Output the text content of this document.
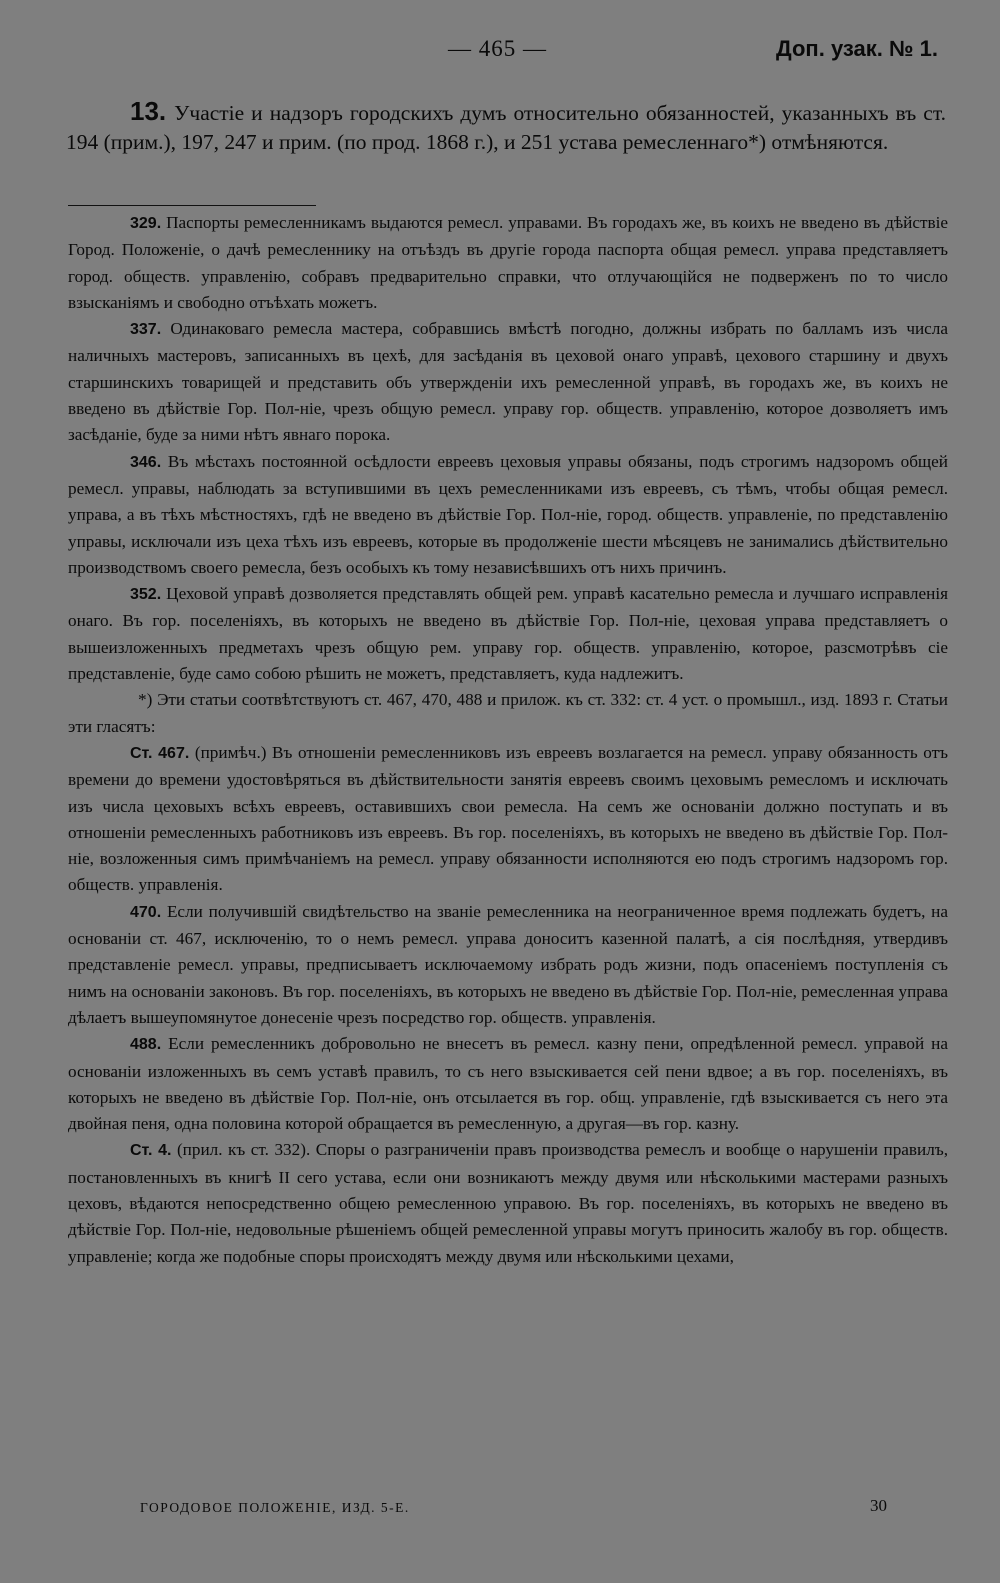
— 465 —	Доп. узак. № 1.
13. Участіе и надзоръ городскихъ думъ относительно обязанностей, указанныхъ въ ст. 194 (прим.), 197, 247 и прим. (по прод. 1868 г.), и 251 устава ремесленнаго*) отмѣняются.

329. Паспорты ремесленникамъ выдаются ремесл. управами. Въ городахъ же, въ коихъ не введено въ дѣйствіе Город. Положеніе, о дачѣ ремесленнику на отъѣздъ въ другіе города паспорта общая ремесл. управа представляетъ город. обществ. управленію, собравъ предварительно справки, что отлучающійся не подверженъ по то число взысканіямъ и свободно отъѣхать можетъ.

337. Одинаковаго ремесла мастера, собравшись вмѣстѣ погодно, должны избрать по балламъ изъ числа наличныхъ мастеровъ, записанныхъ въ цехѣ, для засѣданія въ цеховой онаго управѣ, цехового старшину и двухъ старшинскихъ товарищей и представить объ утвержденіи ихъ ремесленной управѣ, въ городахъ же, въ коихъ не введено въ дѣйствіе Гор. Пол-ніе, чрезъ общую ремесл. управу гор. обществ. управленію, которое дозволяетъ имъ засѣданіе, буде за ними нѣтъ явнаго порока.

346. Въ мѣстахъ постоянной осѣдлости евреевъ цеховыя управы обязаны, подъ строгимъ надзоромъ общей ремесл. управы, наблюдать за вступившими въ цехъ ремесленниками изъ евреевъ, съ тѣмъ, чтобы общая ремесл. управа, а въ тѣхъ мѣстностяхъ, гдѣ не введено въ дѣйствіе Гор. Пол-ніе, город. обществ. управленіе, по представленію управы, исключали изъ цеха тѣхъ изъ евреевъ, которые въ продолженіе шести мѣсяцевъ не занимались дѣйствительно производствомъ своего ремесла, безъ особыхъ къ тому независѣвшихъ отъ нихъ причинъ.

352. Цеховой управѣ дозволяется представлять общей рем. управѣ касательно ремесла и лучшаго исправленія онаго. Въ гор. поселеніяхъ, въ которыхъ не введено въ дѣйствіе Гор. Пол-ніе, цеховая управа представляетъ о вышеизложенныхъ предметахъ чрезъ общую рем. управу гор. обществ. управленію, которое, разсмотрѣвъ сіе представленіе, буде само собою рѣшить не можетъ, представляетъ, куда надлежитъ.

*) Эти статьи соотвѣтствуютъ ст. 467, 470, 488 и прилож. къ ст. 332: ст. 4 уст. о промышл., изд. 1893 г. Статьи эти гласятъ:

Ст. 467. (примѣч.) Въ отношеніи ремесленниковъ изъ евреевъ возлагается на ремесл. управу обязанность отъ времени до времени удостовѣряться въ дѣйствительности занятія евреевъ своимъ цеховымъ ремесломъ и исключать изъ числа цеховыхъ всѣхъ евреевъ, оставившихъ свои ремесла. На семъ же основаніи должно поступать и въ отношеніи ремесленныхъ работниковъ изъ евреевъ. Въ гор. поселеніяхъ, въ которыхъ не введено въ дѣйствіе Гор. Пол-ніе, возложенныя симъ примѣчаніемъ на ремесл. управу обязанности исполняются ею подъ строгимъ надзоромъ гор. обществ. управленія.

470. Если получившій свидѣтельство на званіе ремесленника на неограниченное время подлежать будетъ, на основаніи ст. 467, исключенію, то о немъ ремесл. управа доноситъ казенной палатѣ, а сія послѣдняя, утвердивъ представленіе ремесл. управы, предписываетъ исключаемому избрать родъ жизни, подъ опасеніемъ поступленія съ нимъ на основаніи законовъ. Въ гор. поселеніяхъ, въ которыхъ не введено въ дѣйствіе Гор. Пол-ніе, ремесленная управа дѣлаетъ вышеупомянутое донесеніе чрезъ посредство гор. обществ. управленія.

488. Если ремесленникъ добровольно не внесетъ въ ремесл. казну пени, опредѣленной ремесл. управой на основаніи изложенныхъ въ семъ уставѣ правилъ, то съ него взыскивается сей пени вдвое; а въ гор. поселеніяхъ, въ которыхъ не введено въ дѣйствіе Гор. Пол-ніе, онъ отсылается въ гор. общ. управленіе, гдѣ взыскивается съ него эта двойная пеня, одна половина которой обращается въ ремесленную, а другая—въ гор. казну.

Ст. 4. (прил. къ ст. 332). Споры о разграниченіи правъ производства ремеслъ и вообще о нарушеніи правилъ, постановленныхъ въ книгѣ II сего устава, если они возникаютъ между двумя или нѣсколькими мастерами разныхъ цеховъ, вѣдаются непосредственно общею ремесленною управою. Въ гор. поселеніяхъ, въ которыхъ не введено въ дѣйствіе Гор. Пол-ніе, недовольные рѣшеніемъ общей ремесленной управы могутъ приносить жалобу въ гор. обществ. управленіе; когда же подобные споры происходятъ между двумя или нѣсколькими цехами,

ГОРОДОВОЕ ПОЛОЖЕНІЕ, ИЗД. 5-Е.	30
